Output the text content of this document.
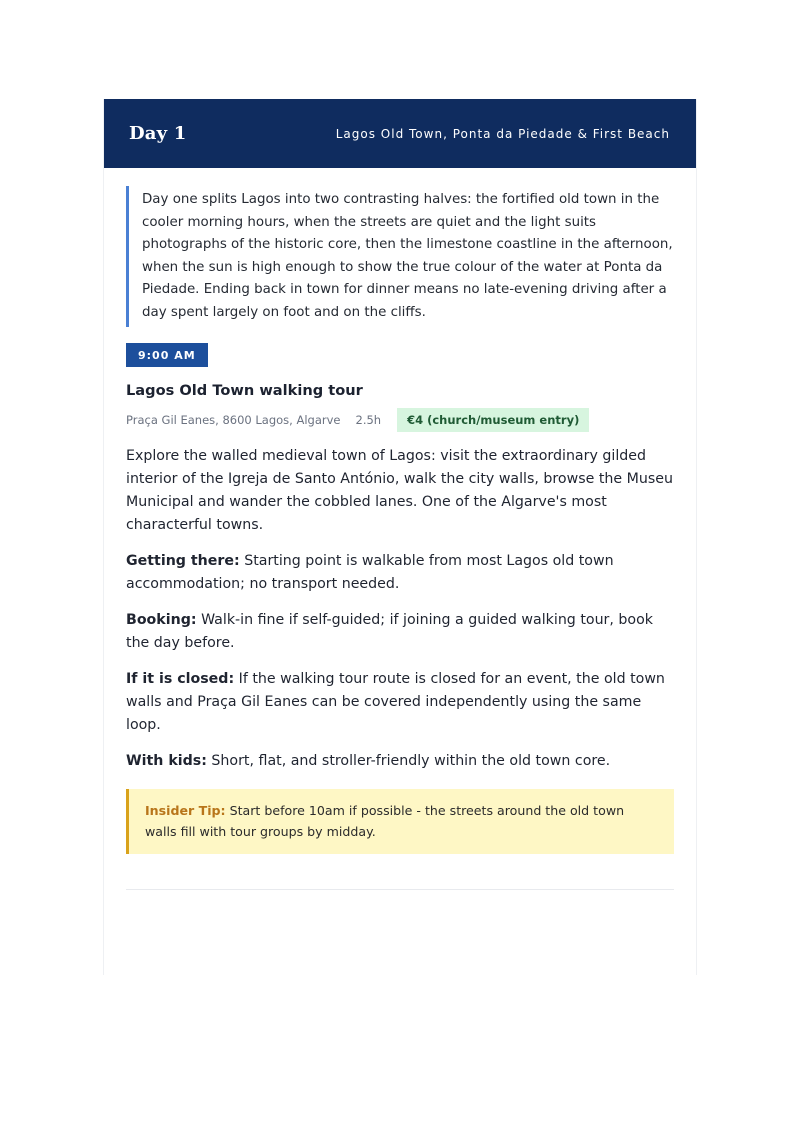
Day 1	Lagos Old Town, Ponta da Piedade & First Beach
Day one splits Lagos into two contrasting halves: the fortified old town in the cooler morning hours, when the streets are quiet and the light suits photographs of the historic core, then the limestone coastline in the afternoon, when the sun is high enough to show the true colour of the water at Ponta da Piedade. Ending back in town for dinner means no late-evening driving after a day spent largely on foot and on the cliffs.
9:00 AM
Lagos Old Town walking tour
Praça Gil Eanes, 8600 Lagos, Algarve 2.5h	€4 (church/museum entry)
Explore the walled medieval town of Lagos: visit the extraordinary gilded interior of the Igreja de Santo António, walk the city walls, browse the Museu Municipal and wander the cobbled lanes. One of the Algarve's most characterful towns.
Getting there: Starting point is walkable from most Lagos old town accommodation; no transport needed.
Booking: Walk-in fine if self-guided; if joining a guided walking tour, book the day before.
If it is closed: If the walking tour route is closed for an event, the old town walls and Praça Gil Eanes can be covered independently using the same loop.
With kids: Short, flat, and stroller-friendly within the old town core.
Insider Tip: Start before 10am if possible - the streets around the old town walls fill with tour groups by midday.
